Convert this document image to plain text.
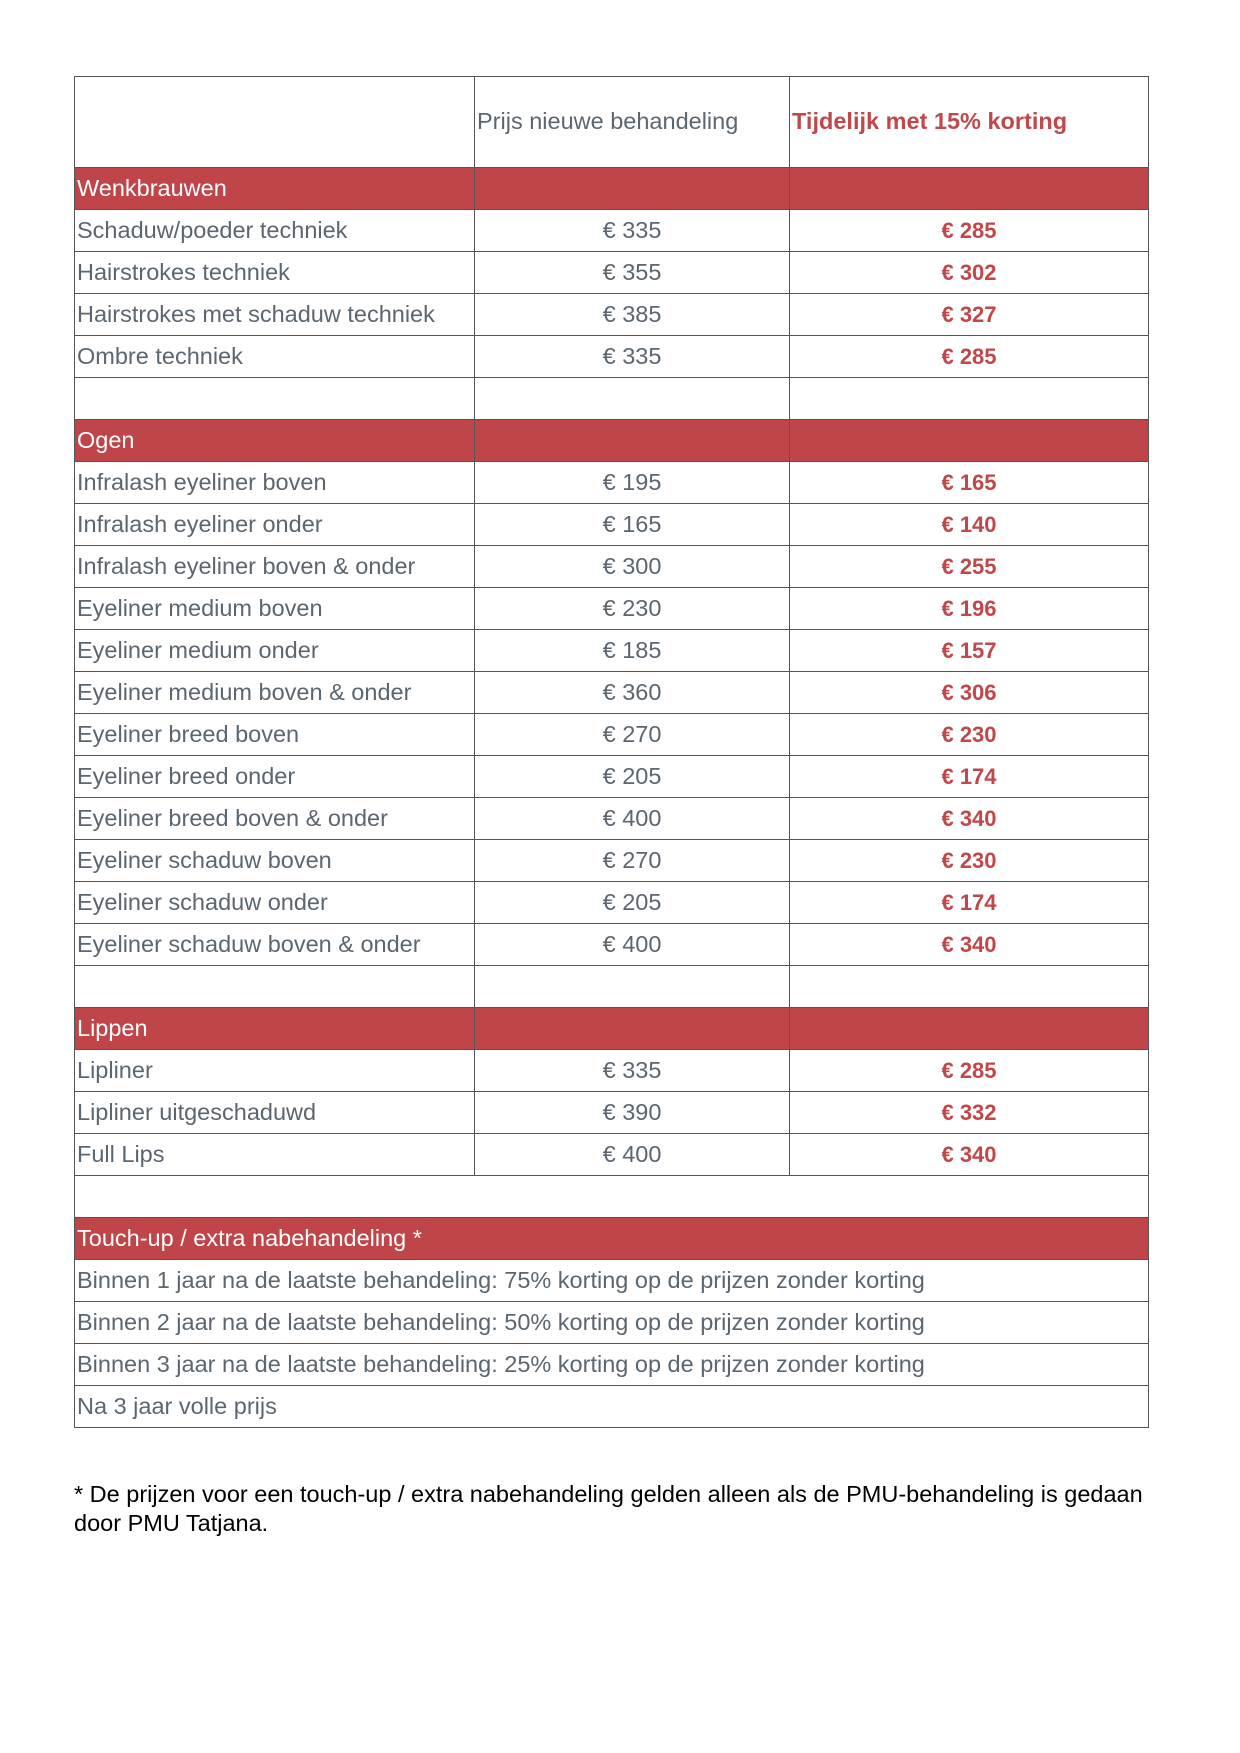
	Prijs nieuwe behandeling	Tijdelijk met 15% korting
Wenkbrauwen		
Schaduw/poeder techniek	€ 335	€ 285
Hairstrokes techniek	€ 355	€ 302
Hairstrokes met schaduw techniek	€ 385	€ 327
Ombre techniek	€ 335	€ 285

Ogen		
Infralash eyeliner boven	€ 195	€ 165
Infralash eyeliner onder	€ 165	€ 140
Infralash eyeliner boven & onder	€ 300	€ 255
Eyeliner medium boven	€ 230	€ 196
Eyeliner medium onder	€ 185	€ 157
Eyeliner medium boven & onder	€ 360	€ 306
Eyeliner breed boven	€ 270	€ 230
Eyeliner breed onder	€ 205	€ 174
Eyeliner breed boven & onder	€ 400	€ 340
Eyeliner schaduw boven	€ 270	€ 230
Eyeliner schaduw onder	€ 205	€ 174
Eyeliner schaduw boven & onder	€ 400	€ 340

Lippen		
Lipliner	€ 335	€ 285
Lipliner uitgeschaduwd	€ 390	€ 332
Full Lips	€ 400	€ 340

Touch-up / extra nabehandeling *		
Binnen 1 jaar na de laatste behandeling: 75% korting op de prijzen zonder korting		
Binnen 2 jaar na de laatste behandeling: 50% korting op de prijzen zonder korting		
Binnen 3 jaar na de laatste behandeling: 25% korting op de prijzen zonder korting		
Na 3 jaar volle prijs		

* De prijzen voor een touch-up / extra nabehandeling gelden alleen als de PMU-behandeling is gedaan door PMU Tatjana.
